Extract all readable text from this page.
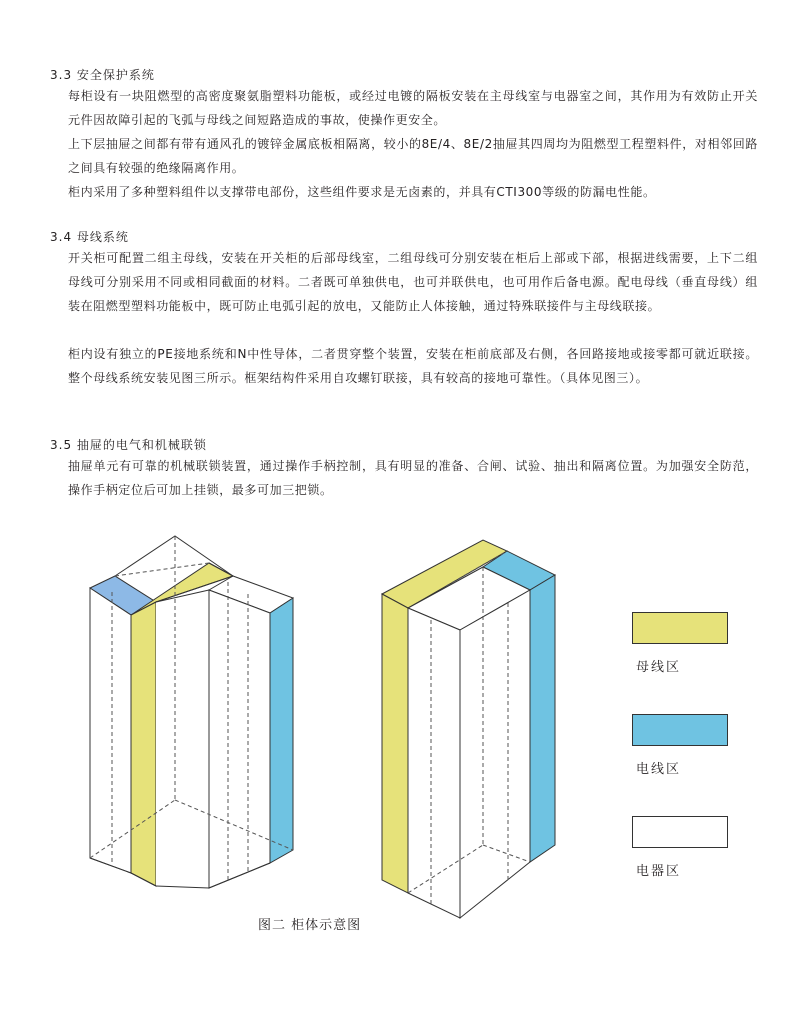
3.3 安全保护系统

每柜设有一块阻燃型的高密度聚氨脂塑料功能板，或经过电镀的隔板安装在主母线室与电器室之间，其作用为有效防止开关元件因故障引起的飞弧与母线之间短路造成的事故，使操作更安全。

上下层抽屉之间都有带有通风孔的镀锌金属底板相隔离，较小的8E/4、8E/2抽屉其四周均为阻燃型工程塑料件，对相邻回路之间具有较强的绝缘隔离作用。

柜内采用了多种塑料组件以支撑带电部份，这些组件要求是无卤素的，并具有CTI300等级的防漏电性能。

3.4 母线系统

开关柜可配置二组主母线，安装在开关柜的后部母线室，二组母线可分别安装在柜后上部或下部，根据进线需要，上下二组母线可分别采用不同或相同截面的材料。二者既可单独供电，也可并联供电，也可用作后备电源。配电母线（垂直母线）组装在阻燃型塑料功能板中，既可防止电弧引起的放电，又能防止人体接触，通过特殊联接件与主母线联接。

柜内设有独立的PE接地系统和N中性导体，二者贯穿整个装置，安装在柜前底部及右侧，各回路接地或接零都可就近联接。整个母线系统安装见图三所示。框架结构件采用自攻螺钉联接，具有较高的接地可靠性。（具体见图三）。

3.5 抽屉的电气和机械联锁

抽屉单元有可靠的机械联锁装置，通过操作手柄控制，具有明显的准备、合闸、试验、抽出和隔离位置。为加强安全防范，操作手柄定位后可加上挂锁，最多可加三把锁。

母线区
电线区
电器区
图二 柜体示意图
